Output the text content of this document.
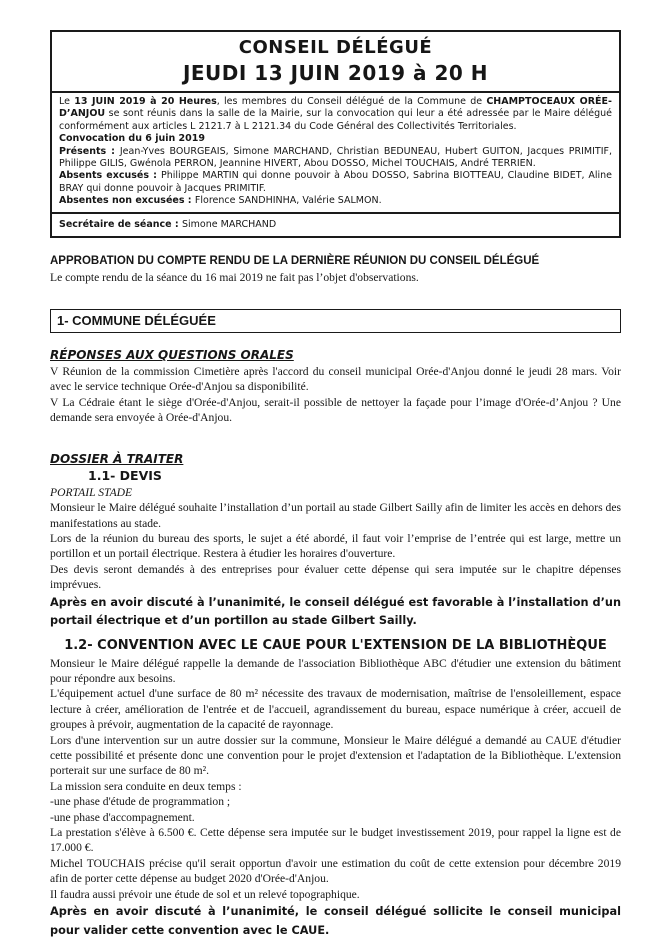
CONSEIL DÉLÉGUÉ
JEUDI 13 JUIN 2019 à 20 H

Le 13 JUIN 2019 à 20 Heures, les membres du Conseil délégué de la Commune de CHAMPTOCEAUX ORÉE-D’ANJOU se sont réunis dans la salle de la Mairie, sur la convocation qui leur a été adressée par le Maire délégué conformément aux articles L 2121.7 à L 2121.34 du Code Général des Collectivités Territoriales.

Convocation du 6 juin 2019

Présents : Jean-Yves BOURGEAIS, Simone MARCHAND, Christian BEDUNEAU, Hubert GUITON, Jacques PRIMITIF, Philippe GILIS, Gwénola PERRON, Jeannine HIVERT, Abou DOSSO, Michel TOUCHAIS, André TERRIEN.

Absents excusés : Philippe MARTIN qui donne pouvoir à Abou DOSSO, Sabrina BIOTTEAU, Claudine BIDET, Aline BRAY qui donne pouvoir à Jacques PRIMITIF.

Absentes non excusées : Florence SANDHINHA, Valérie SALMON.

Secrétaire de séance : Simone MARCHAND
APPROBATION DU COMPTE RENDU DE LA DERNIÈRE RÉUNION DU CONSEIL DÉLÉGUÉ

Le compte rendu de la séance du 16 mai 2019 ne fait pas l’objet d'observations.

1- COMMUNE DÉLÉGUÉE
RÉPONSES AUX QUESTIONS ORALES

V Réunion de la commission Cimetière après l'accord du conseil municipal Orée-d'Anjou donné le jeudi 28 mars. Voir avec le service technique Orée-d'Anjou sa disponibilité.

V La Cédraie étant le siège d'Orée-d'Anjou, serait-il possible de nettoyer la façade pour l’image d'Orée-d’Anjou ? Une demande sera envoyée à Orée-d'Anjou.

DOSSIER À TRAITER
1.1- DEVIS

PORTAIL STADE

Monsieur le Maire délégué souhaite l’installation d’un portail au stade Gilbert Sailly afin de limiter les accès en dehors des manifestations au stade.

Lors de la réunion du bureau des sports, le sujet a été abordé, il faut voir l’emprise de l’entrée qui est large, mettre un portillon et un portail électrique. Restera à étudier les horaires d'ouverture.

Des devis seront demandés à des entreprises pour évaluer cette dépense qui sera imputée sur le chapitre dépenses imprévues.

Après en avoir discuté à l’unanimité, le conseil délégué est favorable à l’installation d’un portail électrique et d’un portillon au stade Gilbert Sailly.

1.2- CONVENTION AVEC LE CAUE POUR L'EXTENSION DE LA BIBLIOTHÈQUE

Monsieur le Maire délégué rappelle la demande de l'association Bibliothèque ABC d'étudier une extension du bâtiment pour répondre aux besoins.

L'équipement actuel d'une surface de 80 m² nécessite des travaux de modernisation, maîtrise de l'ensoleillement, espace lecture à créer, amélioration de l'entrée et de l'accueil, agrandissement du bureau, espace numérique à créer, accueil de groupes à prévoir, augmentation de la capacité de rayonnage.

Lors d'une intervention sur un autre dossier sur la commune, Monsieur le Maire délégué a demandé au CAUE d'étudier cette possibilité et présente donc une convention pour le projet d'extension et l'adaptation de la Bibliothèque. L'extension porterait sur une surface de 80 m².

La mission sera conduite en deux temps :

-une phase d'étude de programmation ;

-une phase d'accompagnement.

La prestation s'élève à 6.500 €. Cette dépense sera imputée sur le budget investissement 2019, pour rappel la ligne est de 17.000 €.

Michel TOUCHAIS précise qu'il serait opportun d'avoir une estimation du coût de cette extension pour décembre 2019 afin de porter cette dépense au budget 2020 d'Orée-d'Anjou.

Il faudra aussi prévoir une étude de sol et un relevé topographique.

Après en avoir discuté à l’unanimité, le conseil délégué sollicite le conseil municipal pour valider cette convention avec le CAUE.
